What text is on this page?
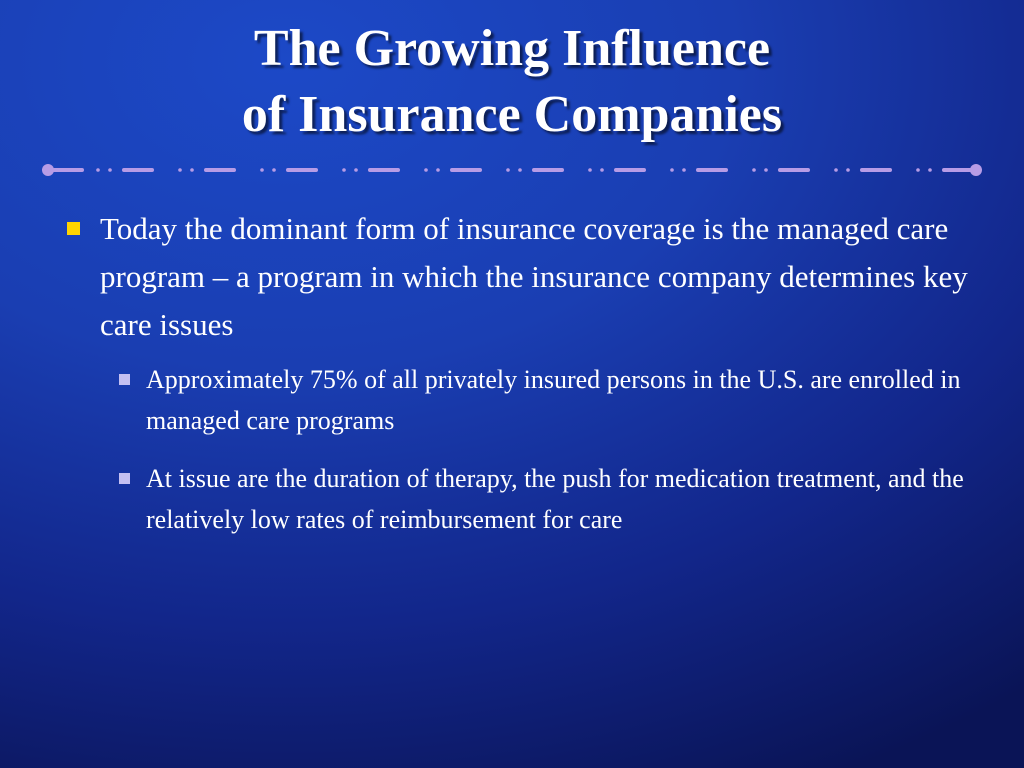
The Growing Influence
of Insurance Companies
Today the dominant form of insurance coverage is the managed care program – a program in which the insurance company determines key care issues
Approximately 75% of all privately insured persons in the U.S. are enrolled in managed care programs
At issue are the duration of therapy, the push for medication treatment, and the relatively low rates of reimbursement for care
